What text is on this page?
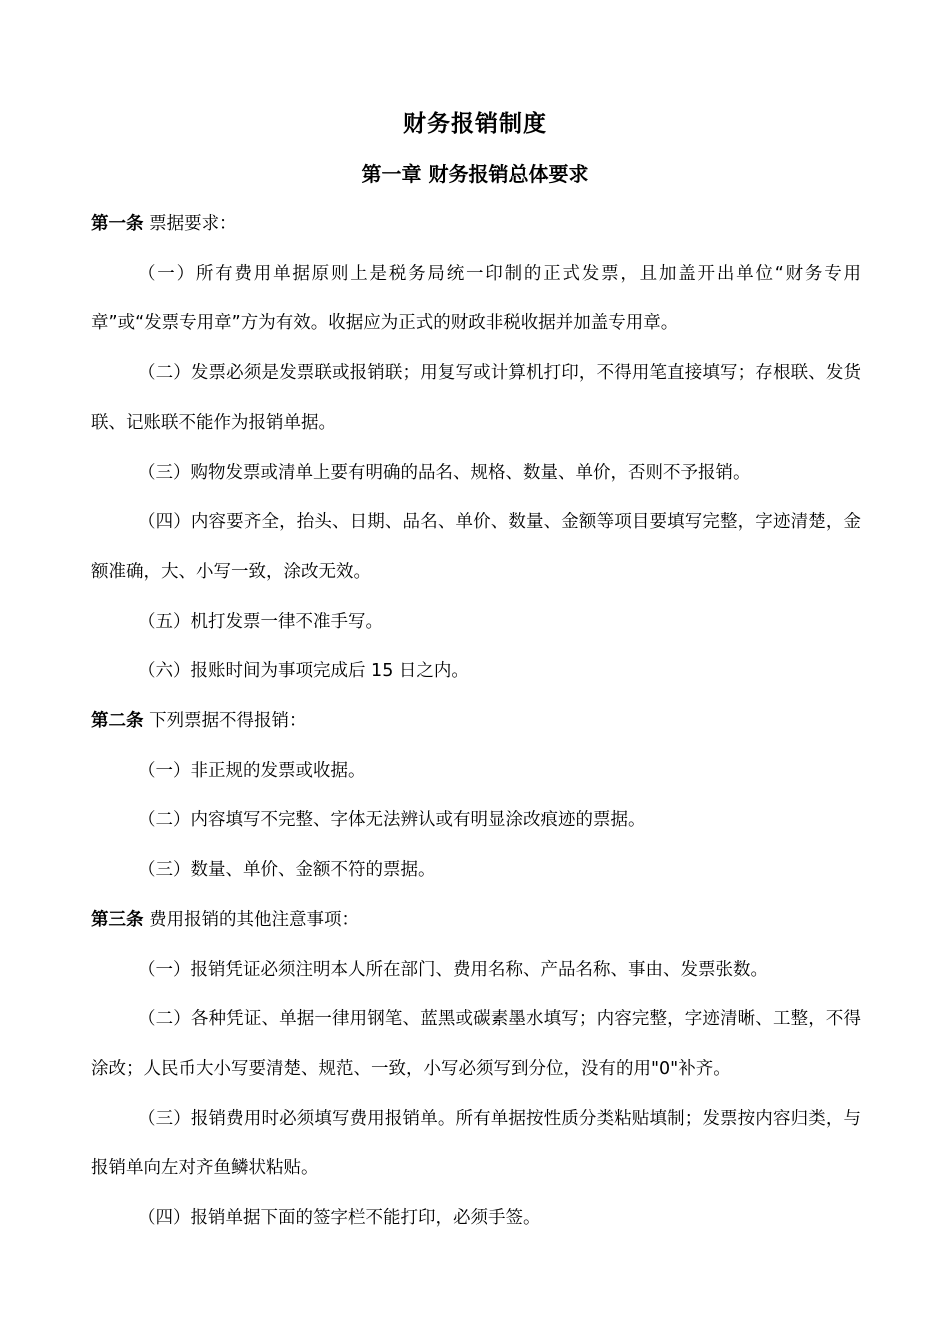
财务报销制度
第一章 财务报销总体要求

第一条 票据要求：

（一）所有费用单据原则上是税务局统一印制的正式发票，且加盖开出单位“财务专用章”或“发票专用章”方为有效。收据应为正式的财政非税收据并加盖专用章。

（二）发票必须是发票联或报销联；用复写或计算机打印，不得用笔直接填写；存根联、发货联、记账联不能作为报销单据。

（三）购物发票或清单上要有明确的品名、规格、数量、单价，否则不予报销。

（四）内容要齐全，抬头、日期、品名、单价、数量、金额等项目要填写完整，字迹清楚，金额准确，大、小写一致，涂改无效。

（五）机打发票一律不准手写。

（六）报账时间为事项完成后 15 日之内。

第二条 下列票据不得报销：

（一）非正规的发票或收据。

（二）内容填写不完整、字体无法辨认或有明显涂改痕迹的票据。

（三）数量、单价、金额不符的票据。

第三条 费用报销的其他注意事项：

（一）报销凭证必须注明本人所在部门、费用名称、产品名称、事由、发票张数。

（二）各种凭证、单据一律用钢笔、蓝黑或碳素墨水填写；内容完整，字迹清晰、工整，不得涂改；人民币大小写要清楚、规范、一致，小写必须写到分位，没有的用"0"补齐。

（三）报销费用时必须填写费用报销单。所有单据按性质分类粘贴填制；发票按内容归类，与报销单向左对齐鱼鳞状粘贴。

（四）报销单据下面的签字栏不能打印，必须手签。
